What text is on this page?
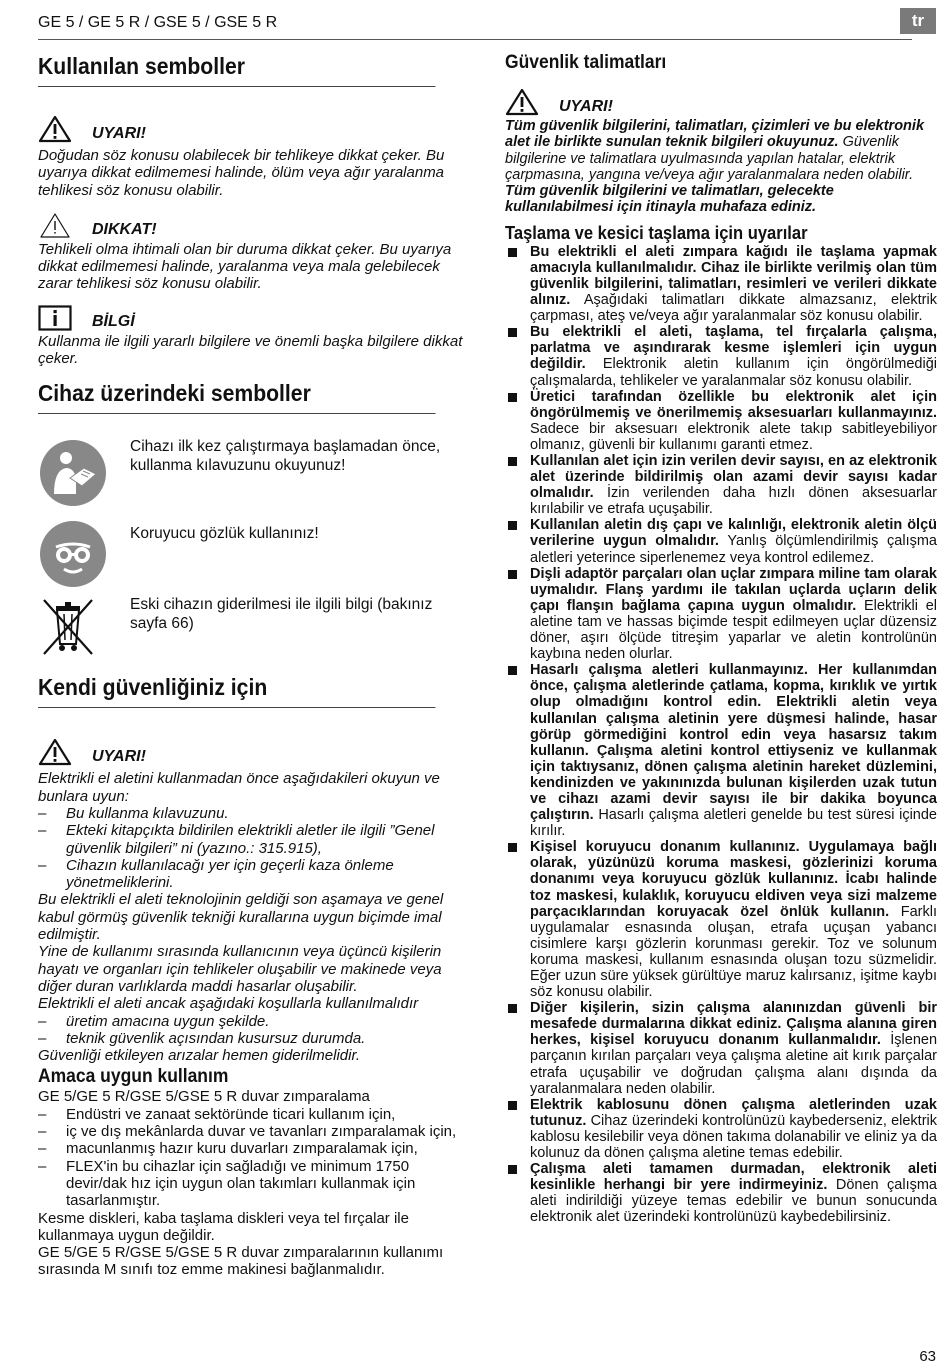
GE 5 / GE 5 R / GSE 5 / GSE 5 R	tr
Kullanılan semboller
UYARI!

Doğudan söz konusu olabilecek bir tehlikeye dikkat çeker. Bu uyarıya dikkat edilmemesi halinde, ölüm veya ağır yaralanma tehlikesi söz konusu olabilir.

DIKKAT!

Tehlikeli olma ihtimali olan bir duruma dikkat çeker. Bu uyarıya dikkat edilmemesi halinde, yaralanma veya mala gelebilecek zarar tehlikesi söz konusu olabilir.

BİLGİ

Kullanma ile ilgili yararlı bilgilere ve önemli başka bilgilere dikkat çeker.

Cihaz üzerindeki semboller
Cihazı ilk kez çalıştırmaya başlamadan önce, kullanma kılavuzunu okuyunuz!
Koruyucu gözlük kullanınız!
Eski cihazın giderilmesi ile ilgili bilgi (bakınız sayfa 66)
Kendi güvenliğiniz için
UYARI!

Elektrikli el aletini kullanmadan önce aşağıdakileri okuyun ve bunlara uyun:

–	Bu kullanma kılavuzunu.
–	Ekteki kitapçıkta bildirilen elektrikli aletler ile ilgili ”Genel güvenlik bilgileri” ni (yazıno.: 315.915),
–	Cihazın kullanılacağı yer için geçerli kaza önleme yönetmeliklerini.

Bu elektrikli el aleti teknolojinin geldiği son aşamaya ve genel kabul görmüş güvenlik tekniği kurallarına uygun biçimde imal edilmiştir.

Yine de kullanımı sırasında kullanıcının veya üçüncü kişilerin hayatı ve organları için tehlikeler oluşabilir ve makinede veya diğer duran varlıklarda maddi hasarlar oluşabilir.

Elektrikli el aleti ancak aşağıdaki koşullarla kullanılmalıdır

–	üretim amacına uygun şekilde.
–	teknik güvenlik açısından kusursuz durumda.

Güvenliği etkileyen arızalar hemen giderilmelidir.

Amaca uygun kullanım

GE 5/GE 5 R/GSE 5/GSE 5 R duvar zımparalama

–	Endüstri ve zanaat sektöründe ticari kullanım için,
–	iç ve dış mekânlarda duvar ve tavanları zımparalamak için,
–	macunlanmış hazır kuru duvarları zımparalamak için,
–	FLEX'in bu cihazlar için sağladığı ve minimum 1750 devir/dak hız için uygun olan takımları kullanmak için tasarlanmıştır.

Kesme diskleri, kaba taşlama diskleri veya tel fırçalar ile kullanmaya uygun değildir.

GE 5/GE 5 R/GSE 5/GSE 5 R duvar zımparalarının kullanımı sırasında M sınıfı toz emme makinesi bağlanmalıdır.

Güvenlik talimatları
UYARI!

Tüm güvenlik bilgilerini, talimatları, çizimleri ve bu elektronik alet ile birlikte sunulan teknik bilgileri okuyunuz. Güvenlik bilgilerine ve talimatlara uyulmasında yapılan hatalar, elektrik çarpmasına, yangına ve/veya ağır yaralanmalara neden olabilir. Tüm güvenlik bilgilerini ve talimatları, gelecekte kullanılabilmesi için itinayla muhafaza ediniz.

Taşlama ve kesici taşlama için uyarılar
Bu elektrikli el aleti zımpara kağıdı ile taşlama yapmak amacıyla kullanılmalıdır. Cihaz ile birlikte verilmiş olan tüm güvenlik bilgilerini, talimatları, resimleri ve verileri dikkate alınız. Aşağıdaki talimatları dikkate almazsanız, elektrik çarpması, ateş ve/veya ağır yaralanmalar söz konusu olabilir.
Bu elektrikli el aleti, taşlama, tel fırçalarla çalışma, parlatma ve aşındırarak kesme işlemleri için uygun değildir. Elektronik aletin kullanım için öngörülmediği çalışmalarda, tehlikeler ve yaralanmalar söz konusu olabilir.
Üretici tarafından özellikle bu elektronik alet için öngörülmemiş ve önerilmemiş aksesuarları kullanmayınız. Sadece bir aksesuarı elektronik alete takıp sabitleyebiliyor olmanız, güvenli bir kullanımı garanti etmez.
Kullanılan alet için izin verilen devir sayısı, en az elektronik alet üzerinde bildirilmiş olan azami devir sayısı kadar olmalıdır. İzin verilenden daha hızlı dönen aksesuarlar kırılabilir ve etrafa uçuşabilir.
Kullanılan aletin dış çapı ve kalınlığı, elektronik aletin ölçü verilerine uygun olmalıdır. Yanlış ölçümlendirilmiş çalışma aletleri yeterince siperlenemez veya kontrol edilemez.
Dişli adaptör parçaları olan uçlar zımpara miline tam olarak uymalıdır. Flanş yardımı ile takılan uçlarda uçların delik çapı flanşın bağlama çapına uygun olmalıdır. Elektrikli el aletine tam ve hassas biçimde tespit edilmeyen uçlar düzensiz döner, aşırı ölçüde titreşim yaparlar ve aletin kontrolünün kaybına neden olurlar.
Hasarlı çalışma aletleri kullanmayınız. Her kullanımdan önce, çalışma aletlerinde çatlama, kopma, kırıklık ve yırtık olup olmadığını kontrol edin. Elektrikli aletin veya kullanılan çalışma aletinin yere düşmesi halinde, hasar görüp görmediğini kontrol edin veya hasarsız takım kullanın. Çalışma aletini kontrol ettiyseniz ve kullanmak için taktıysanız, dönen çalışma aletinin hareket düzlemini, kendinizden ve yakınınızda bulunan kişilerden uzak tutun ve cihazı azami devir sayısı ile bir dakika boyunca çalıştırın. Hasarlı çalışma aletleri genelde bu test süresi içinde kırılır.
Kişisel koruyucu donanım kullanınız. Uygulamaya bağlı olarak, yüzünüzü koruma maskesi, gözlerinizi koruma donanımı veya koruyucu gözlük kullanınız. İcabı halinde toz maskesi, kulaklık, koruyucu eldiven veya sizi malzeme parçacıklarından koruyacak özel önlük kullanın. Farklı uygulamalar esnasında oluşan, etrafa uçuşan yabancı cisimlere karşı gözlerin korunması gerekir. Toz ve solunum koruma maskesi, kullanım esnasında oluşan tozu süzmelidir. Eğer uzun süre yüksek gürültüye maruz kalırsanız, işitme kaybı söz konusu olabilir.
Diğer kişilerin, sizin çalışma alanınızdan güvenli bir mesafede durmalarına dikkat ediniz. Çalışma alanına giren herkes, kişisel koruyucu donanım kullanmalıdır. İşlenen parçanın kırılan parçaları veya çalışma aletine ait kırık parçalar etrafa uçuşabilir ve doğrudan çalışma alanı dışında da yaralanmalara neden olabilir.
Elektrik kablosunu dönen çalışma aletlerinden uzak tutunuz. Cihaz üzerindeki kontrolünüzü kaybederseniz, elektrik kablosu kesilebilir veya dönen takıma dolanabilir ve eliniz ya da kolunuz da dönen çalışma aletine temas edebilir.
Çalışma aleti tamamen durmadan, elektronik aleti kesinlikle herhangi bir yere indirmeyiniz. Dönen çalışma aleti indirildiği yüzeye temas edebilir ve bunun sonucunda elektronik alet üzerindeki kontrolünüzü kaybedebilirsiniz.
63
